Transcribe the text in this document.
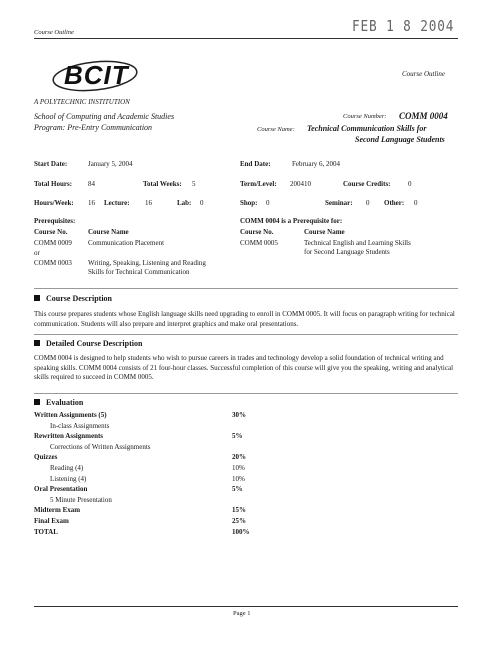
Course Outline	FEB 1 8 2004
BCIT
A POLYTECHNIC INSTITUTION
Course Outline
School of Computing and Academic Studies
Program: Pre-Entry Communication
Course Number: COMM 0004
Course Name: Technical Communication Skills for
Second Language Students
Start Date:	January 5, 2004	End Date:	February 6, 2004
Total Hours: 84	Total Weeks: 5	Term/Level: 200410	Course Credits: 0
Hours/Week: 16 Lecture: 16	Lab: 0	Shop: 0	Seminar: 0 Other: 0
Prerequisites:
Course No.	Course Name
COMM 0009 Communication Placement
or
COMM 0003 Writing, Speaking, Listening and Reading
Skills for Technical Communication
COMM 0004 is a Prerequisite for:
Course No.	Course Name
COMM 0005	Technical English and Learning Skills
for Second Language Students
Course Description
This course prepares students whose English language skills need upgrading to enroll in COMM 0005. It will focus on paragraph writing for technical communication. Students will also prepare and interpret graphics and make oral presentations.
Detailed Course Description
COMM 0004 is designed to help students who wish to pursue careers in trades and technology develop a solid foundation of technical writing and speaking skills. COMM 0004 consists of 21 four-hour classes. Successful completion of this course will give you the speaking, writing and analytical skills required to succeed in COMM 0005.
Evaluation
Written Assignments (5)	30%
In-class Assignments
Rewritten Assignments	5%
Corrections of Written Assignments
Quizzes	20%
Reading (4)	10%
Listening (4)	10%
Oral Presentation	5%
5 Minute Presentation
Midterm Exam	15%
Final Exam	25%
TOTAL	100%
Page 1
